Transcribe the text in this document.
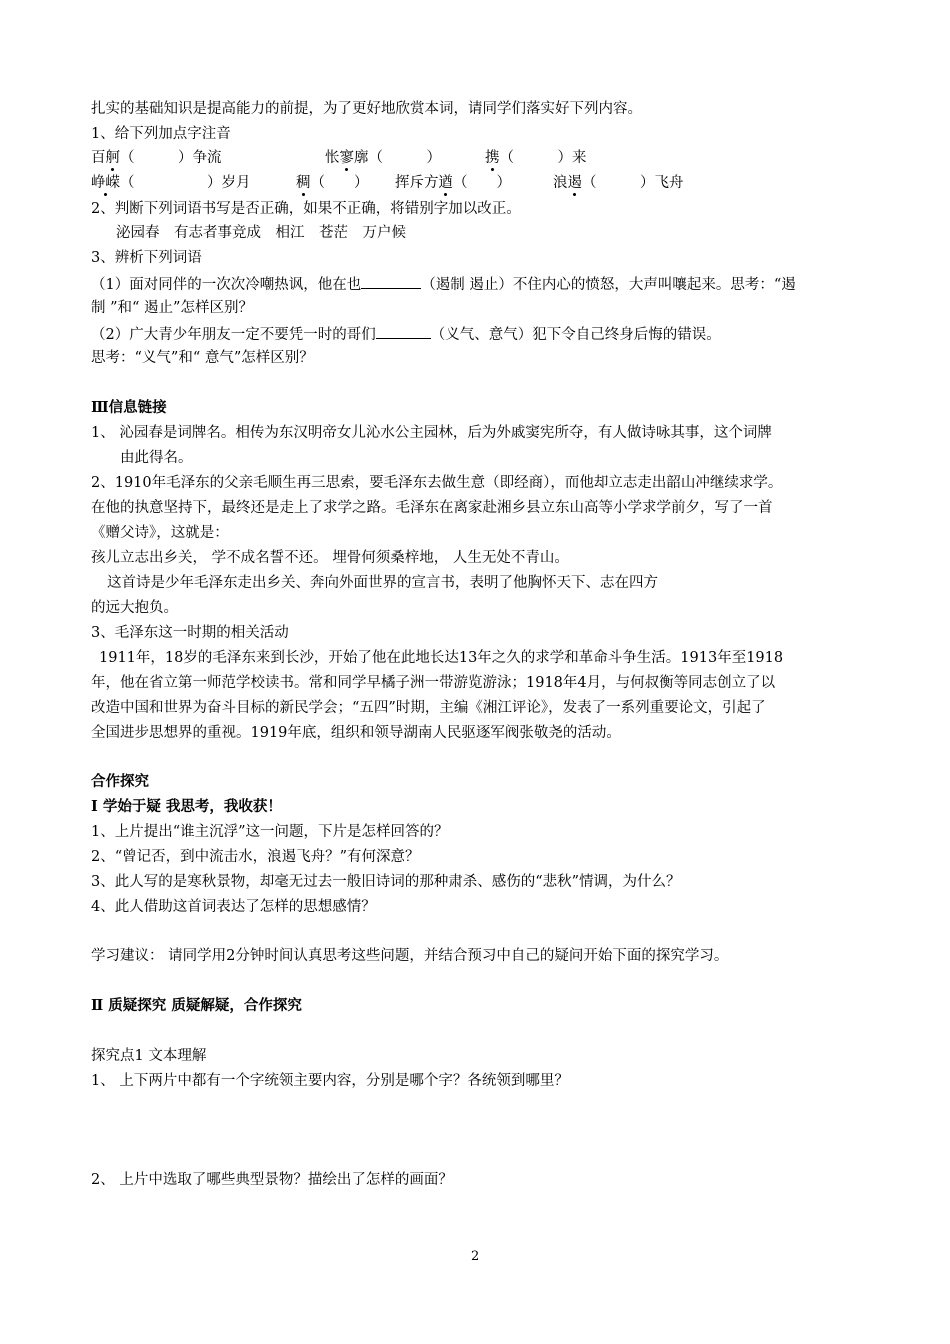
扎实的基础知识是提高能力的前提，为了更好地欣赏本词，请同学们落实好下列内容。
1、给下列加点字注音
百舸（　　　）争流	怅寥廓（　　　）	携（　　　）来
峥嵘（　　　　　）岁月	稠（　　） 挥斥方遒（　　）	浪遏（　　　）飞舟
2、判断下列词语书写是否正确，如果不正确，将错别字加以改正。
泌园春　有志者事竞成　相江　苍茫　万户候
3、辨析下列词语
（1）面对同伴的一次次冷嘲热讽，他在也	（遏制 遏止）不住内心的愤怒，大声叫嚷起来。思考：“遏
制 ”和“ 遏止”怎样区别？
（2）广大青少年朋友一定不要凭一时的哥们	（义气、意气）犯下令自己终身后悔的错误。
思考：“义气”和“ 意气”怎样区别？
Ⅲ信息链接
1、 沁园春是词牌名。相传为东汉明帝女儿沁水公主园林，后为外戚窦宪所夺，有人做诗咏其事，这个词牌
由此得名。
2、1910年毛泽东的父亲毛顺生再三思索，要毛泽东去做生意（即经商），而他却立志走出韶山冲继续求学。
在他的执意坚持下，最终还是走上了求学之路。毛泽东在离家赴湘乡县立东山高等小学求学前夕，写了一首
《赠父诗》，这就是：
孩儿立志出乡关， 学不成名誓不还。 埋骨何须桑梓地， 人生无处不青山。
这首诗是少年毛泽东走出乡关、奔向外面世界的宣言书，表明了他胸怀天下、志在四方
的远大抱负。
3、毛泽东这一时期的相关活动
1911年，18岁的毛泽东来到长沙，开始了他在此地长达13年之久的求学和革命斗争生活。1913年至1918
年，他在省立第一师范学校读书。常和同学早橘子洲一带游览游泳；1918年4月，与何叔衡等同志创立了以
改造中国和世界为奋斗目标的新民学会；“五四”时期，主编《湘江评论》，发表了一系列重要论文，引起了
全国进步思想界的重视。1919年底，组织和领导湖南人民驱逐军阀张敬尧的活动。
合作探究
Ⅰ 学始于疑 我思考，我收获！
1、上片提出“谁主沉浮”这一问题，下片是怎样回答的？
2、“曾记否，到中流击水，浪遏飞舟？”有何深意？
3、此人写的是寒秋景物，却毫无过去一般旧诗词的那种肃杀、感伤的“悲秋”情调，为什么？
4、此人借助这首词表达了怎样的思想感情？
学习建议： 请同学用2分钟时间认真思考这些问题，并结合预习中自己的疑问开始下面的探究学习。
Ⅱ 质疑探究 质疑解疑，合作探究
探究点1 文本理解
1、 上下两片中都有一个字统领主要内容，分别是哪个字？各统领到哪里？
2、 上片中选取了哪些典型景物？描绘出了怎样的画面？
2
